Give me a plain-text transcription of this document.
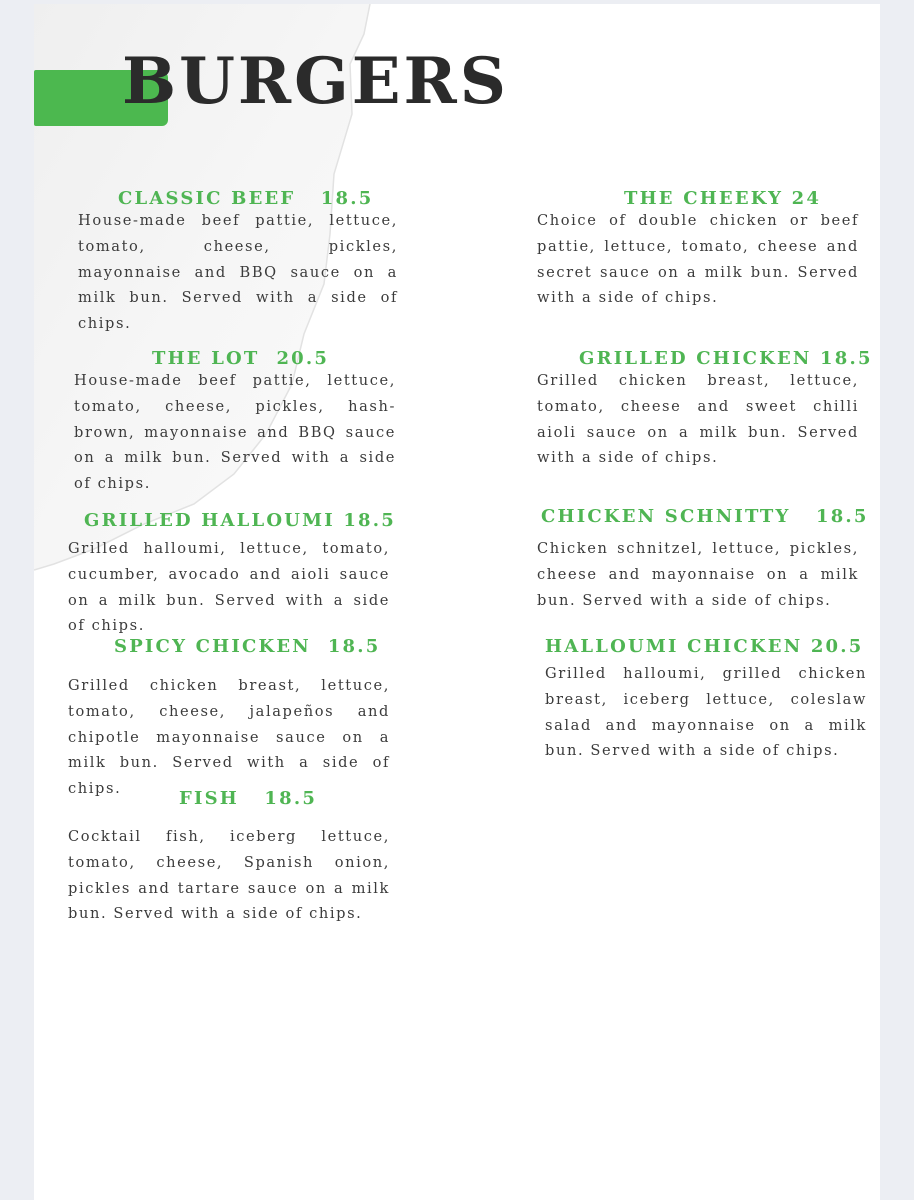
BURGERS
CLASSIC BEEF   18.5

House-made beef pattie, lettuce, tomato, cheese, pickles, mayonnaise and BBQ sauce on a milk bun. Served with a side of chips.

THE LOT  20.5

House-made beef pattie, lettuce, tomato, cheese, pickles, hash-brown, mayonnaise and BBQ sauce on a milk bun. Served with a side of chips.

GRILLED HALLOUMI 18.5

Grilled halloumi, lettuce, tomato, cucumber, avocado and aioli sauce on a milk bun. Served with a side of chips.

SPICY CHICKEN  18.5

Grilled chicken breast, lettuce, tomato, cheese, jalapeños and chipotle mayonnaise sauce on a milk bun. Served with a side of chips.	FISH   18.5

Cocktail fish, iceberg lettuce, tomato, cheese, Spanish onion, pickles and tartare sauce on a milk bun. Served with a side of chips.

THE CHEEKY 24

Choice of double chicken or beef pattie, lettuce, tomato, cheese and secret sauce on a milk bun. Served with a side of chips.

GRILLED CHICKEN 18.5

Grilled chicken breast, lettuce, tomato, cheese and sweet chilli aioli sauce on a milk bun. Served with a side of chips.

CHICKEN SCHNITTY   18.5

Chicken schnitzel, lettuce, pickles, cheese and mayonnaise on a milk bun. Served with a side of chips.

HALLOUMI CHICKEN 20.5

Grilled halloumi, grilled chicken breast, iceberg lettuce, coleslaw salad and mayonnaise on a milk bun. Served with a side of chips.
